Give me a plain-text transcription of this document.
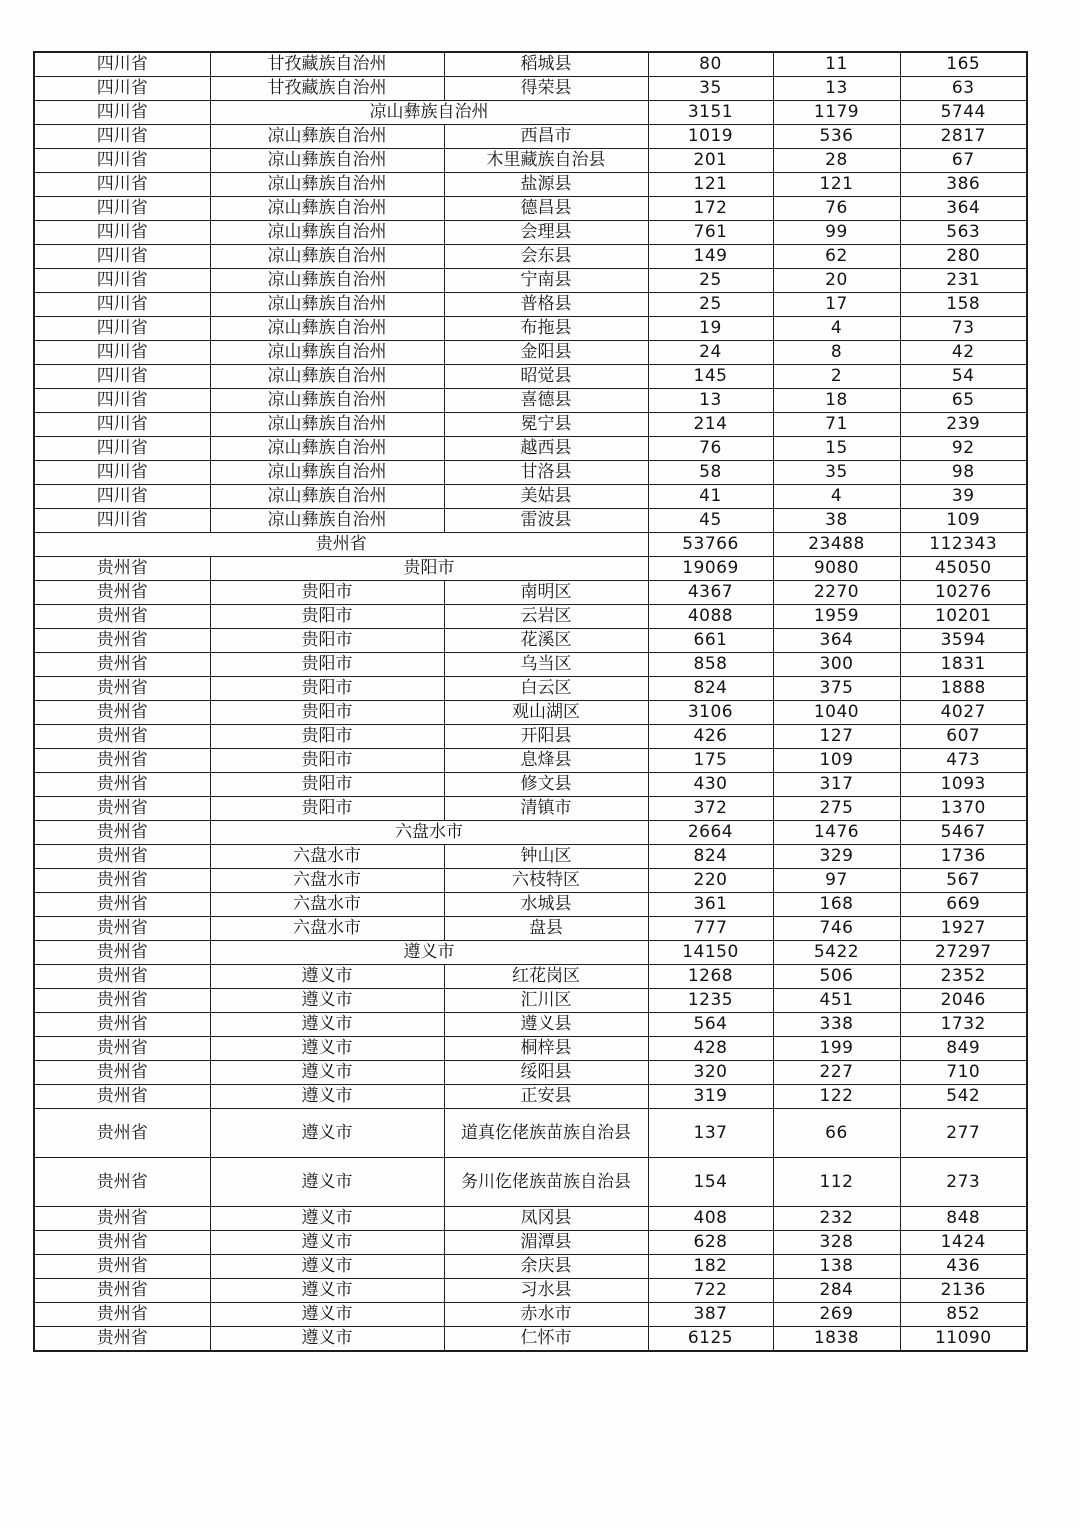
四川省	甘孜藏族自治州	稻城县	80	11	165
四川省	甘孜藏族自治州	得荣县	35	13	63
四川省	凉山彝族自治州		3151	1179	5744
四川省	凉山彝族自治州	西昌市	1019	536	2817
四川省	凉山彝族自治州	木里藏族自治县	201	28	67
四川省	凉山彝族自治州	盐源县	121	121	386
四川省	凉山彝族自治州	德昌县	172	76	364
四川省	凉山彝族自治州	会理县	761	99	563
四川省	凉山彝族自治州	会东县	149	62	280
四川省	凉山彝族自治州	宁南县	25	20	231
四川省	凉山彝族自治州	普格县	25	17	158
四川省	凉山彝族自治州	布拖县	19	4	73
四川省	凉山彝族自治州	金阳县	24	8	42
四川省	凉山彝族自治州	昭觉县	145	2	54
四川省	凉山彝族自治州	喜德县	13	18	65
四川省	凉山彝族自治州	冕宁县	214	71	239
四川省	凉山彝族自治州	越西县	76	15	92
四川省	凉山彝族自治州	甘洛县	58	35	98
四川省	凉山彝族自治州	美姑县	41	4	39
四川省	凉山彝族自治州	雷波县	45	38	109
贵州省			53766	23488	112343
贵州省	贵阳市		19069	9080	45050
贵州省	贵阳市	南明区	4367	2270	10276
贵州省	贵阳市	云岩区	4088	1959	10201
贵州省	贵阳市	花溪区	661	364	3594
贵州省	贵阳市	乌当区	858	300	1831
贵州省	贵阳市	白云区	824	375	1888
贵州省	贵阳市	观山湖区	3106	1040	4027
贵州省	贵阳市	开阳县	426	127	607
贵州省	贵阳市	息烽县	175	109	473
贵州省	贵阳市	修文县	430	317	1093
贵州省	贵阳市	清镇市	372	275	1370
贵州省	六盘水市		2664	1476	5467
贵州省	六盘水市	钟山区	824	329	1736
贵州省	六盘水市	六枝特区	220	97	567
贵州省	六盘水市	水城县	361	168	669
贵州省	六盘水市	盘县	777	746	1927
贵州省	遵义市		14150	5422	27297
贵州省	遵义市	红花岗区	1268	506	2352
贵州省	遵义市	汇川区	1235	451	2046
贵州省	遵义市	遵义县	564	338	1732
贵州省	遵义市	桐梓县	428	199	849
贵州省	遵义市	绥阳县	320	227	710
贵州省	遵义市	正安县	319	122	542
贵州省	遵义市	道真仡佬族苗族自治县	137	66	277
贵州省	遵义市	务川仡佬族苗族自治县	154	112	273
贵州省	遵义市	凤冈县	408	232	848
贵州省	遵义市	湄潭县	628	328	1424
贵州省	遵义市	余庆县	182	138	436
贵州省	遵义市	习水县	722	284	2136
贵州省	遵义市	赤水市	387	269	852
贵州省	遵义市	仁怀市	6125	1838	11090
